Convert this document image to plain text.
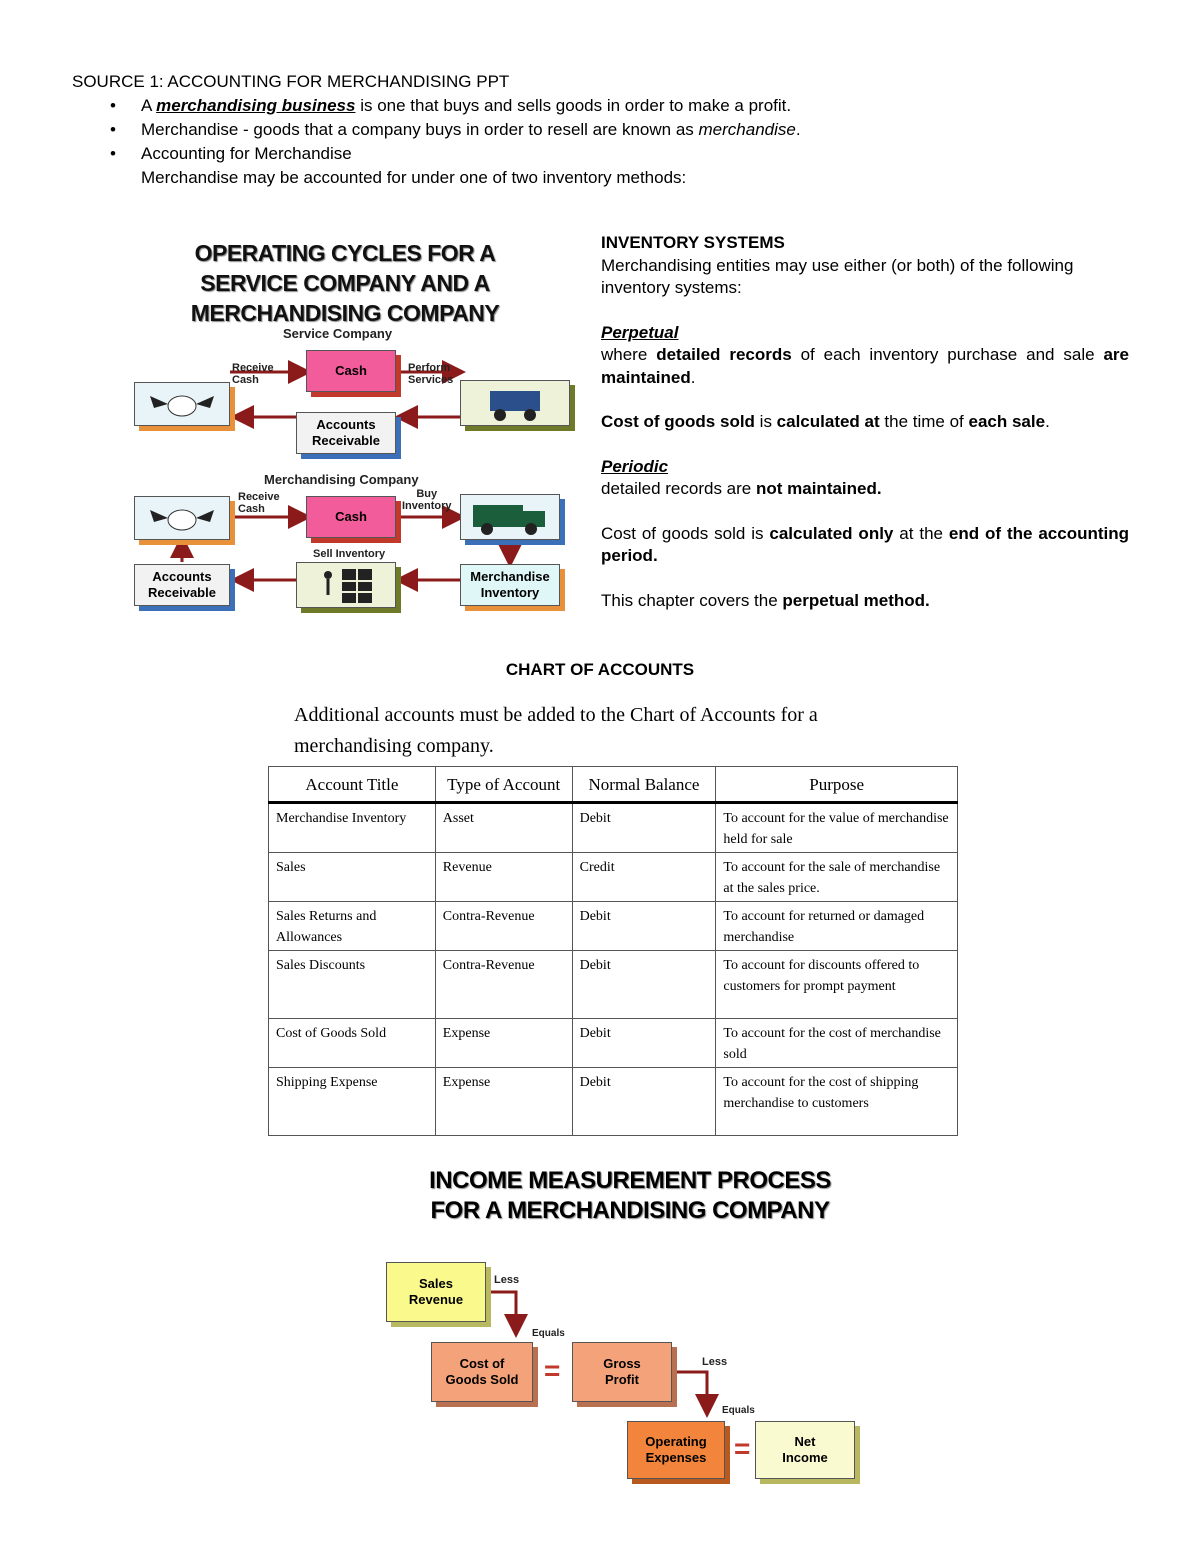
SOURCE 1: ACCOUNTING FOR MERCHANDISING PPT
• A merchandising business is one that buys and sells goods in order to make a profit.
• Merchandise - goods that a company buys in order to resell are known as merchandise.
• Accounting for Merchandise
Merchandise may be accounted for under one of two inventory methods:
OPERATING CYCLES FOR A
SERVICE COMPANY AND A
MERCHANDISING COMPANY
Service Company
Cash
Accounts
Receivable
Receive
Cash
Perform
Services
Merchandising Company
Cash
Accounts
Receivable
Merchandise
Inventory
Receive
Cash
Buy
Inventory
Sell Inventory

INVENTORY SYSTEMS

Merchandising entities may use either (or both) of the following inventory systems:

Perpetual

where detailed records of each inventory purchase and sale are maintained.

Cost of goods sold is calculated at the time of each sale.

Periodic

detailed records are not maintained.

Cost of goods sold is calculated only at the end of the accounting period.

This chapter covers the perpetual method.

CHART OF ACCOUNTS
Additional accounts must be added to the Chart of Accounts for a merchandising company.
Account Title	Type of Account	Normal Balance	Purpose
Merchandise Inventory	Asset	Debit	To account for the value of merchandise held for sale
Sales	Revenue	Credit	To account for the sale of merchandise at the sales price.
Sales Returns and Allowances	Contra-Revenue	Debit	To account for returned or damaged merchandise
Sales Discounts	Contra-Revenue	Debit	To account for discounts offered to customers for prompt payment
Cost of Goods Sold	Expense	Debit	To account for the cost of merchandise sold
Shipping Expense	Expense	Debit	To account for the cost of shipping merchandise to customers
INCOME MEASUREMENT PROCESS
FOR A MERCHANDISING COMPANY
Sales
Revenue
Less
Equals
Cost of
Goods Sold =	Gross
Profit
Less
Equals
Operating
Expenses =	Net
Income
